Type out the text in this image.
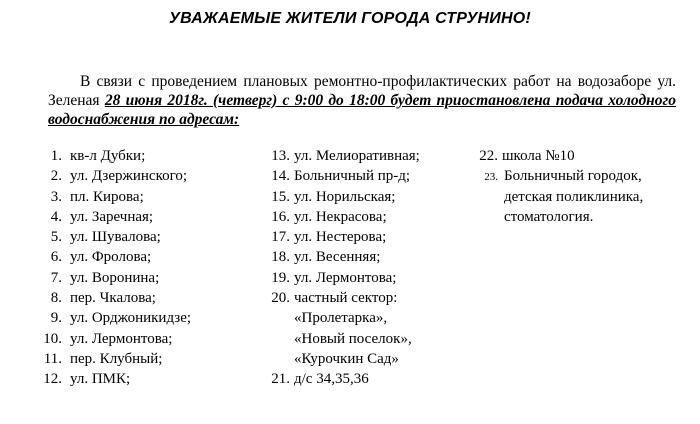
УВАЖАЕМЫЕ ЖИТЕЛИ ГОРОДА СТРУНИНО!
В связи с проведением плановых ремонтно-профилактических работ на водозаборе ул. Зеленая 28 июня 2018г. (четверг) с 9:00 до 18:00 будет приостановлена подача холодного водоснабжения по адресам:
1. кв-л Дубки;
2. ул. Дзержинского;
3. пл. Кирова;
4. ул. Заречная;
5. ул. Шувалова;
6. ул. Фролова;
7. ул. Воронина;
8. пер. Чкалова;
9. ул. Орджоникидзе;
10. ул. Лермонтова;
11. пер. Клубный;
12. ул. ПМК;
13. ул. Мелиоративная;
14. Больничный пр-д;
15. ул. Норильская;
16. ул. Некрасова;
17. ул. Нестерова;
18. ул. Весенняя;
19. ул. Лермонтова;
20. частный сектор:
«Пролетарка»,
«Новый поселок»,
«Курочкин Сад»
21. д/с 34,35,36
22. школа №10
23. Больничный городок,
детская поликлиника,
стоматология.
